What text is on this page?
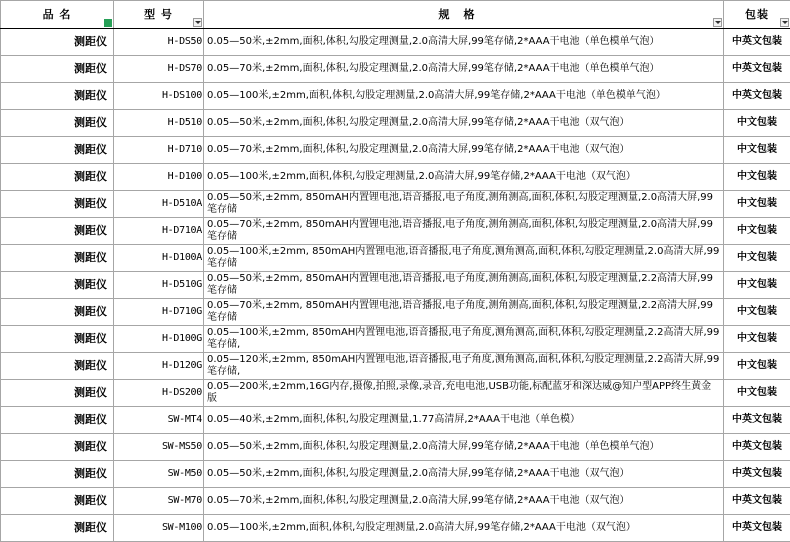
品 名	型 号	规格	包装

测距仪	H-DS50	0.05—50米,±2mm,面积,体积,勾股定理测量,2.0高清大屏,99笔存储,2*AAA干电池（单色模单气泡）	中英文包装
测距仪	H-DS70	0.05—70米,±2mm,面积,体积,勾股定理测量,2.0高清大屏,99笔存储,2*AAA干电池（单色模单气泡）	中英文包装
测距仪	H-DS100	0.05—100米,±2mm,面积,体积,勾股定理测量,2.0高清大屏,99笔存储,2*AAA干电池（单色模单气泡）	中英文包装
测距仪	H-D510	0.05—50米,±2mm,面积,体积,勾股定理测量,2.0高清大屏,99笔存储,2*AAA干电池（双气泡）	中文包装
测距仪	H-D710	0.05—70米,±2mm,面积,体积,勾股定理测量,2.0高清大屏,99笔存储,2*AAA干电池（双气泡）	中文包装
测距仪	H-D100	0.05—100米,±2mm,面积,体积,勾股定理测量,2.0高清大屏,99笔存储,2*AAA干电池（双气泡）	中文包装
测距仪	H-D510A	0.05—50米,±2mm, 850mAH内置锂电池,语音播报,电子角度,测角测高,面积,体积,勾股定理测量,2.0高清大屏,99笔存储	中文包装
测距仪	H-D710A	0.05—70米,±2mm, 850mAH内置锂电池,语音播报,电子角度,测角测高,面积,体积,勾股定理测量,2.0高清大屏,99笔存储	中文包装
测距仪	H-D100A	0.05—100米,±2mm, 850mAH内置锂电池,语音播报,电子角度,测角测高,面积,体积,勾股定理测量,2.0高清大屏,99笔存储	中文包装
测距仪	H-D510G	0.05—50米,±2mm, 850mAH内置锂电池,语音播报,电子角度,测角测高,面积,体积,勾股定理测量,2.2高清大屏,99笔存储	中文包装
测距仪	H-D710G	0.05—70米,±2mm, 850mAH内置锂电池,语音播报,电子角度,测角测高,面积,体积,勾股定理测量,2.2高清大屏,99笔存储	中文包装
测距仪	H-D100G	0.05—100米,±2mm, 850mAH内置锂电池,语音播报,电子角度,测角测高,面积,体积,勾股定理测量,2.2高清大屏,99笔存储,	中文包装
测距仪	H-D120G	0.05—120米,±2mm, 850mAH内置锂电池,语音播报,电子角度,测角测高,面积,体积,勾股定理测量,2.2高清大屏,99笔存储,	中文包装
测距仪	H-DS200	0.05—200米,±2mm,16G内存,摄像,拍照,录像,录音,充电电池,USB功能,标配蓝牙和深达威@知户型APP终生黄金版	中文包装
测距仪	SW-MT4	0.05—40米,±2mm,面积,体积,勾股定理测量,1.77高清屏,2*AAA干电池（单色模）	中英文包装
测距仪	SW-MS50	0.05—50米,±2mm,面积,体积,勾股定理测量,2.0高清大屏,99笔存储,2*AAA干电池（单色模单气泡）	中英文包装
测距仪	SW-M50	0.05—50米,±2mm,面积,体积,勾股定理测量,2.0高清大屏,99笔存储,2*AAA干电池（双气泡）	中英文包装
测距仪	SW-M70	0.05—70米,±2mm,面积,体积,勾股定理测量,2.0高清大屏,99笔存储,2*AAA干电池（双气泡）	中英文包装
测距仪	SW-M100	0.05—100米,±2mm,面积,体积,勾股定理测量,2.0高清大屏,99笔存储,2*AAA干电池（双气泡）	中英文包装
